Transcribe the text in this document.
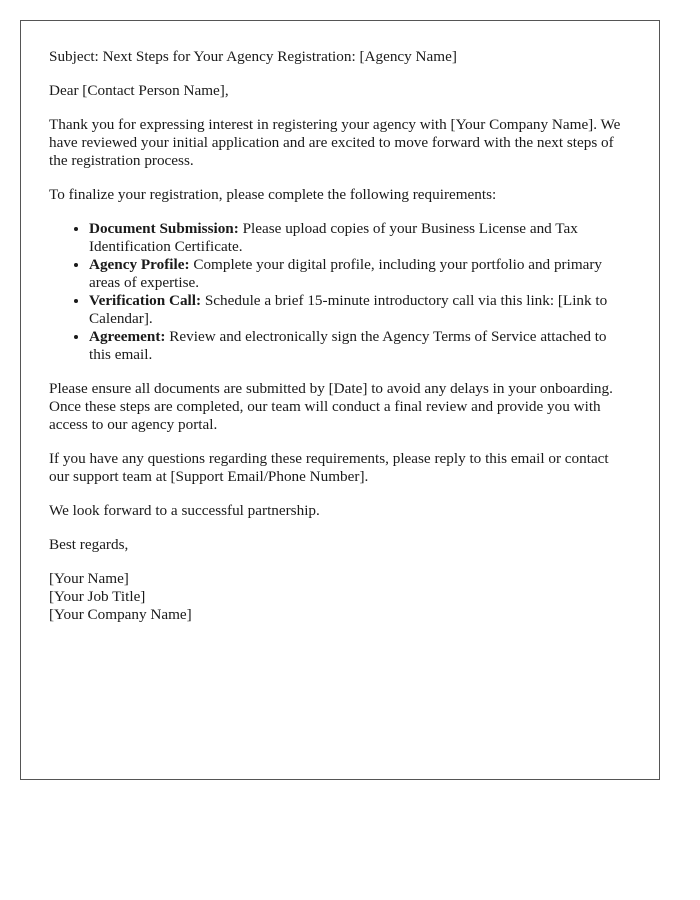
Subject: Next Steps for Your Agency Registration: [Agency Name]

Dear [Contact Person Name],

Thank you for expressing interest in registering your agency with [Your Company Name]. We have reviewed your initial application and are excited to move forward with the next steps of the registration process.

To finalize your registration, please complete the following requirements:

• Document Submission: Please upload copies of your Business License and Tax Identification Certificate.
• Agency Profile: Complete your digital profile, including your portfolio and primary areas of expertise.
• Verification Call: Schedule a brief 15-minute introductory call via this link: [Link to Calendar].
• Agreement: Review and electronically sign the Agency Terms of Service attached to this email.

Please ensure all documents are submitted by [Date] to avoid any delays in your onboarding. Once these steps are completed, our team will conduct a final review and provide you with access to our agency portal.

If you have any questions regarding these requirements, please reply to this email or contact our support team at [Support Email/Phone Number].

We look forward to a successful partnership.

Best regards,

[Your Name]
[Your Job Title]
[Your Company Name]
